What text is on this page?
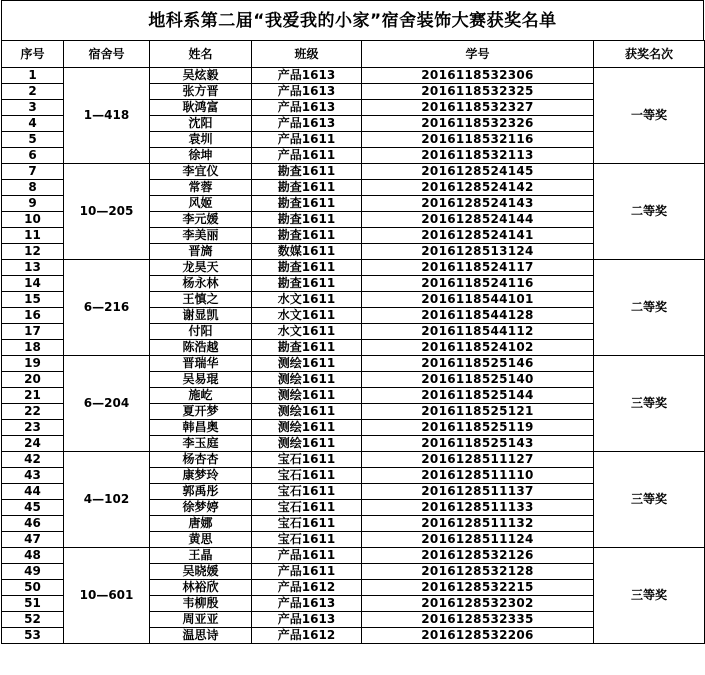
地科系第二届“我爱我的小家”宿舍装饰大赛获奖名单
序号	宿舍号	姓名	班级	学号	获奖名次
1	1—418	吴炫毅	产品1613	2016118532306	一等奖
2		张方晋	产品1613	2016118532325	
3		耿鸿富	产品1613	2016118532327	
4		沈阳	产品1613	2016118532326	
5		袁圳	产品1611	2016118532116	
6		徐坤	产品1611	2016118532113	
7	10—205	李宜仪	勘查1611	2016128524145	二等奖
8		常蓉	勘查1611	2016128524142	
9		风姬	勘查1611	2016128524143	
10		李元媛	勘查1611	2016128524144	
11		李美丽	勘查1611	2016128524141	
12		晋旖	数媒1611	2016128513124	
13	6—216	龙昊天	勘查1611	2016118524117	二等奖
14		杨永林	勘查1611	2016118524116	
15		王慎之	水文1611	2016118544101	
16		谢显凯	水文1611	2016118544128	
17		付阳	水文1611	2016118544112	
18		陈浩越	勘查1611	2016118524102	
19	6—204	晋瑞华	测绘1611	2016118525146	三等奖
20		吴易琨	测绘1611	2016118525140	
21		施屹	测绘1611	2016118525144	
22		夏开梦	测绘1611	2016118525121	
23		韩昌奥	测绘1611	2016118525119	
24		李玉庭	测绘1611	2016118525143	
42	4—102	杨杏杏	宝石1611	2016128511127	三等奖
43		康梦玲	宝石1611	2016128511110	
44		郭禹彤	宝石1611	2016128511137	
45		徐梦婷	宝石1611	2016128511133	
46		唐娜	宝石1611	2016128511132	
47		黄思	宝石1611	2016128511124	
48	10—601	王晶	产品1611	2016128532126	三等奖
49		吴晓媛	产品1611	2016128532128	
50		林裕欣	产品1612	2016128532215	
51		韦柳殷	产品1613	2016128532302	
52		周亚亚	产品1613	2016128532335	
53		温思诗	产品1612	2016128532206	
